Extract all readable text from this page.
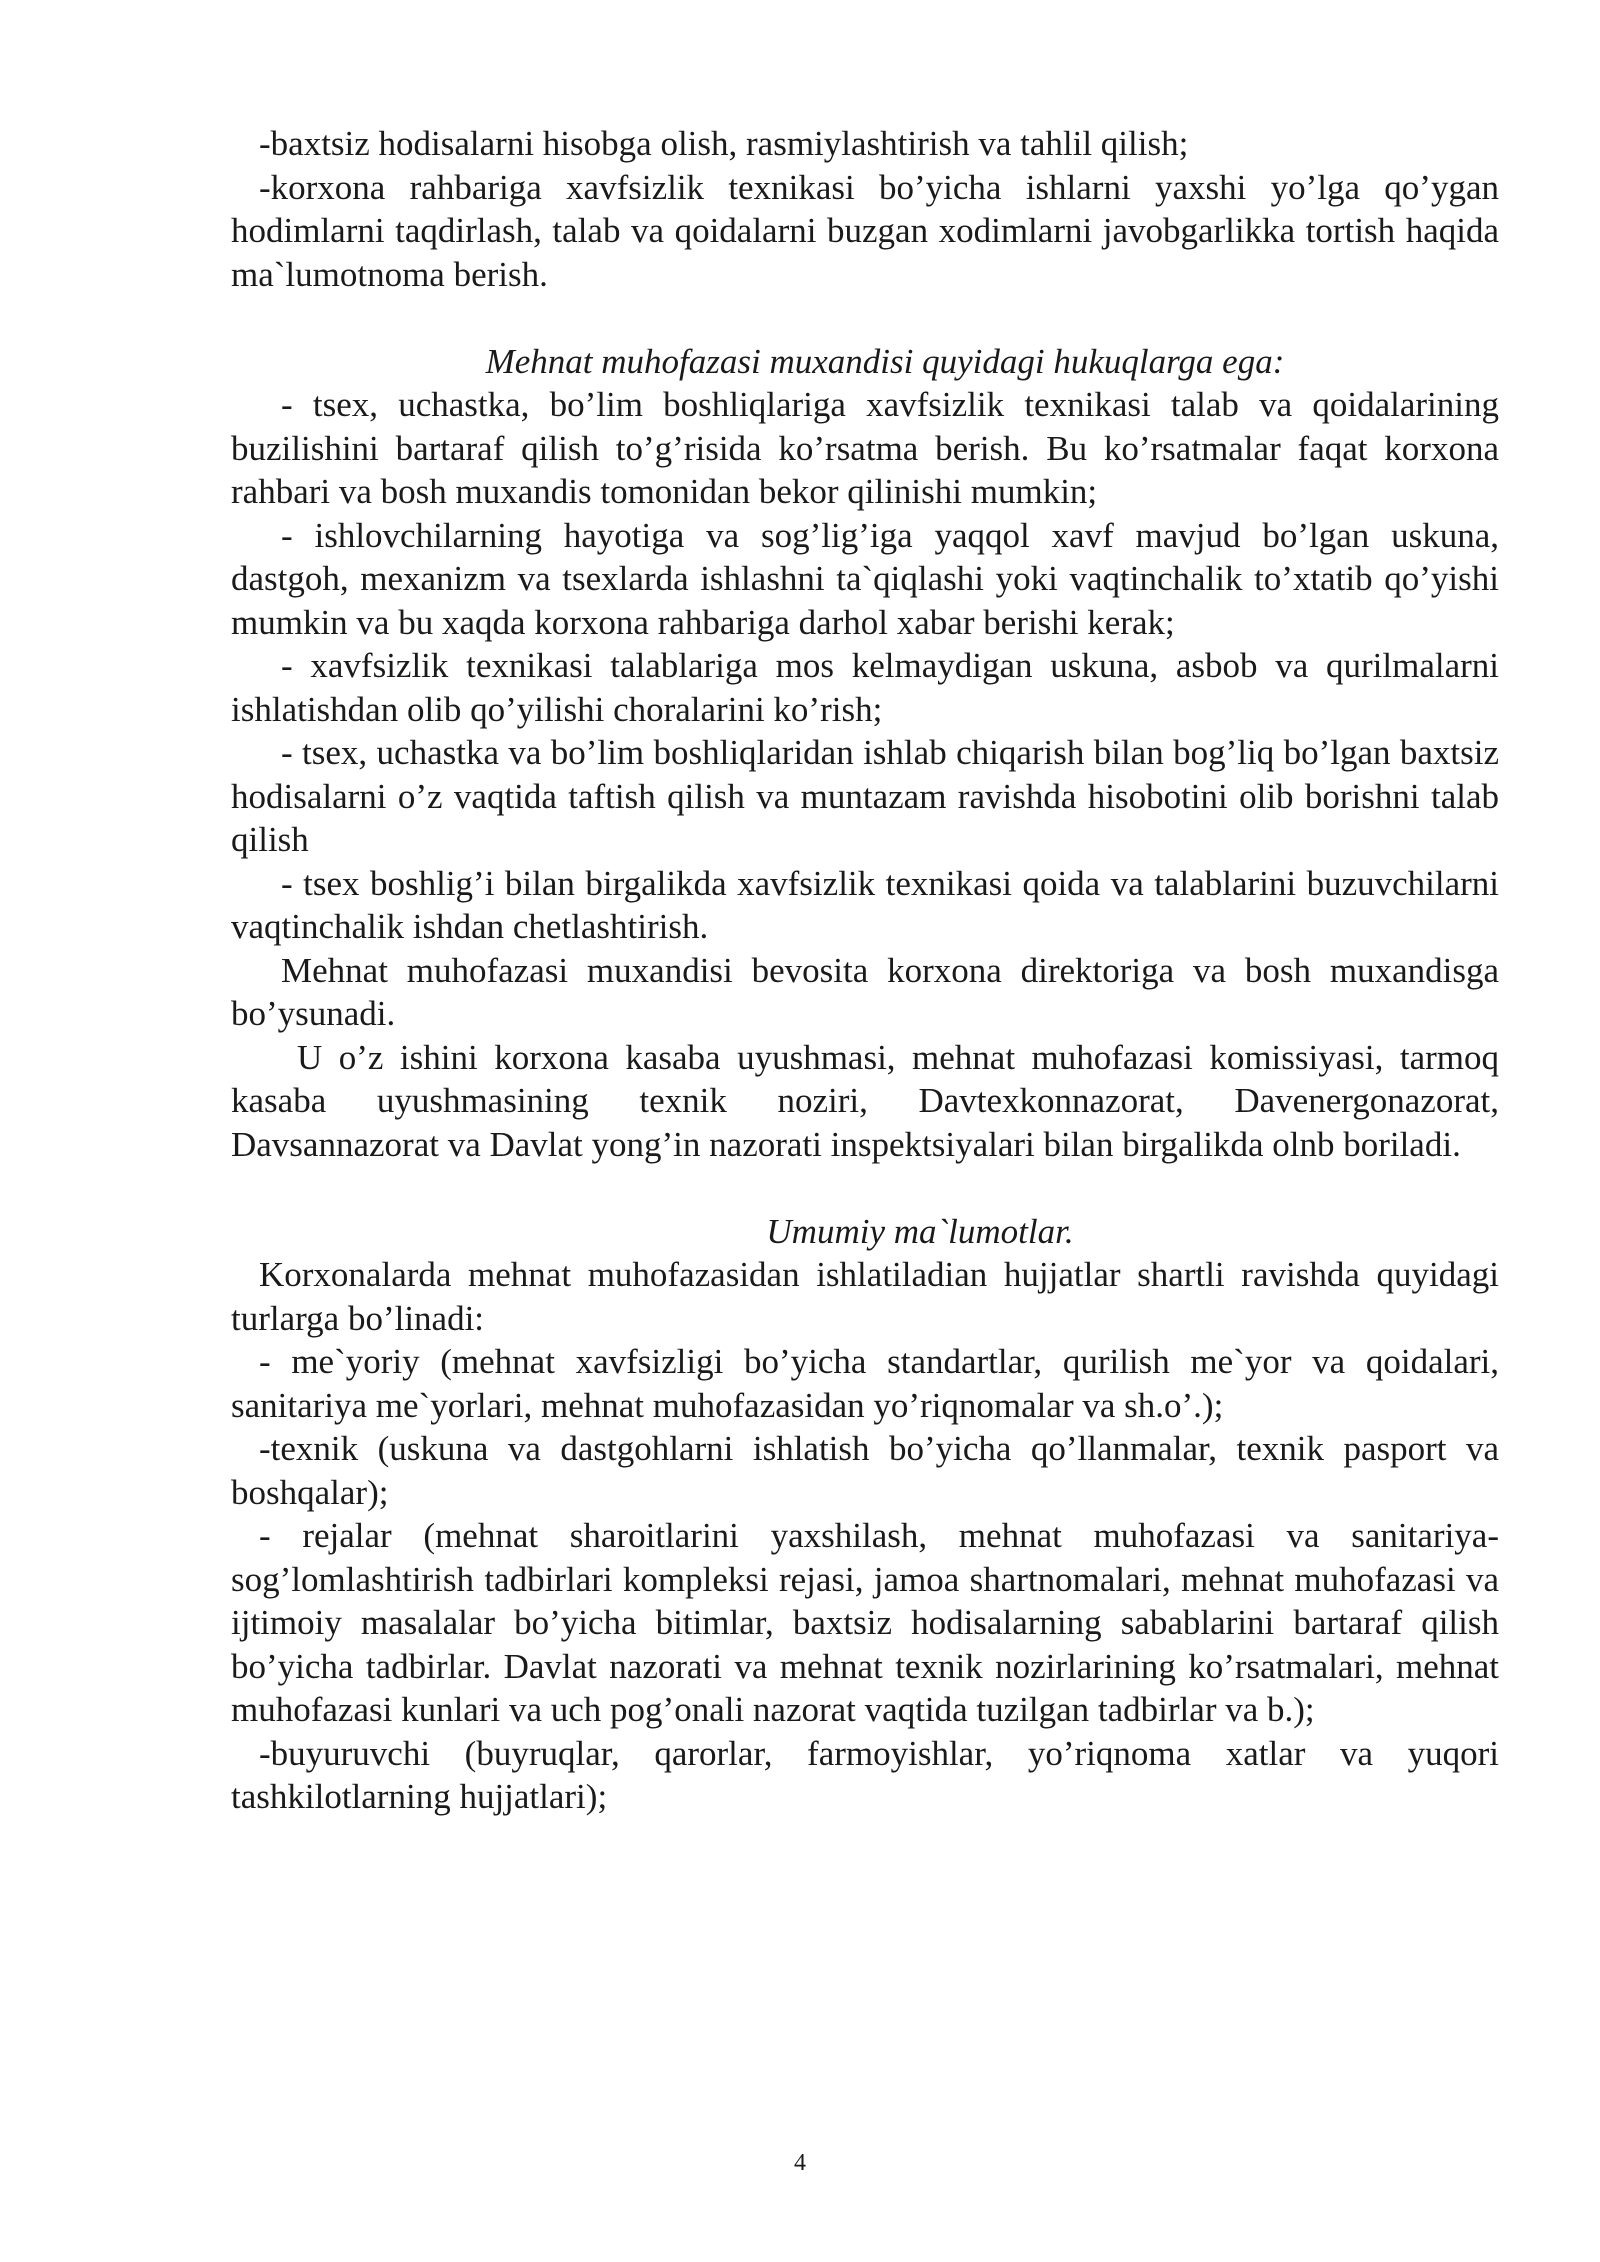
-baxtsiz hodisalarni hisobga olish, rasmiylashtirish va tahlil qilish;

-korxona rahbariga xavfsizlik texnikasi bo’yicha ishlarni yaxshi yo’lga qo’ygan hodimlarni taqdirlash, talab va qoidalarni buzgan xodimlarni javobgarlikka tortish haqida ma`lumotnoma berish.

Mehnat muhofazasi muxandisi quyidagi hukuqlarga ega:

- tsex, uchastka, bo’lim boshliqlariga xavfsizlik texnikasi talab va qoidalarining buzilishini bartaraf qilish to’g’risida ko’rsatma berish. Bu ko’rsatmalar faqat korxona rahbari va bosh muxandis tomonidan bekor qilinishi mumkin;

- ishlovchilarning hayotiga va sog’lig’iga yaqqol xavf mavjud bo’lgan uskuna, dastgoh, mexanizm va tsexlarda ishlashni ta`qiqlashi yoki vaqtinchalik to’xtatib qo’yishi mumkin va bu xaqda korxona rahbariga darhol xabar berishi kerak;

- xavfsizlik texnikasi talablariga mos kelmaydigan uskuna, asbob va qurilmalarni ishlatishdan olib qo’yilishi choralarini ko’rish;

- tsex, uchastka va bo’lim boshliqlaridan ishlab chiqarish bilan bog’liq bo’lgan baxtsiz hodisalarni o’z vaqtida taftish qilish va muntazam ravishda hisobotini olib borishni talab qilish

- tsex boshlig’i bilan birgalikda xavfsizlik texnikasi qoida va talablarini buzuvchilarni vaqtinchalik ishdan chetlashtirish.

Mehnat muhofazasi muxandisi bevosita korxona direktoriga va bosh muxandisga bo’ysunadi.

U o’z ishini korxona kasaba uyushmasi, mehnat muhofazasi komissiyasi, tarmoq kasaba uyushmasining texnik noziri, Davtexkonnazorat, Davenergonazorat, Davsannazorat va Davlat yong’in nazorati inspektsiyalari bilan birgalikda olnb boriladi.

Umumiy ma`lumotlar.

Korxonalarda mehnat muhofazasidan ishlatiladian hujjatlar shartli ravishda quyidagi turlarga bo’linadi:

- me`yoriy (mehnat xavfsizligi bo’yicha standartlar, qurilish me`yor va qoidalari, sanitariya me`yorlari, mehnat muhofazasidan yo’riqnomalar va sh.o’.);

-texnik (uskuna va dastgohlarni ishlatish bo’yicha qo’llanmalar, texnik pasport va boshqalar);

- rejalar (mehnat sharoitlarini yaxshilash, mehnat muhofazasi va sanitariya-sog’lomlashtirish tadbirlari kompleksi rejasi, jamoa shartnomalari, mehnat muhofazasi va ijtimoiy masalalar bo’yicha bitimlar, baxtsiz hodisalarning sabablarini bartaraf qilish bo’yicha tadbirlar. Davlat nazorati va mehnat texnik nozirlarining ko’rsatmalari, mehnat muhofazasi kunlari va uch pog’onali nazorat vaqtida tuzilgan tadbirlar va b.);

-buyuruvchi (buyruqlar, qarorlar, farmoyishlar, yo’riqnoma xatlar va yuqori tashkilotlarning hujjatlari);

4
